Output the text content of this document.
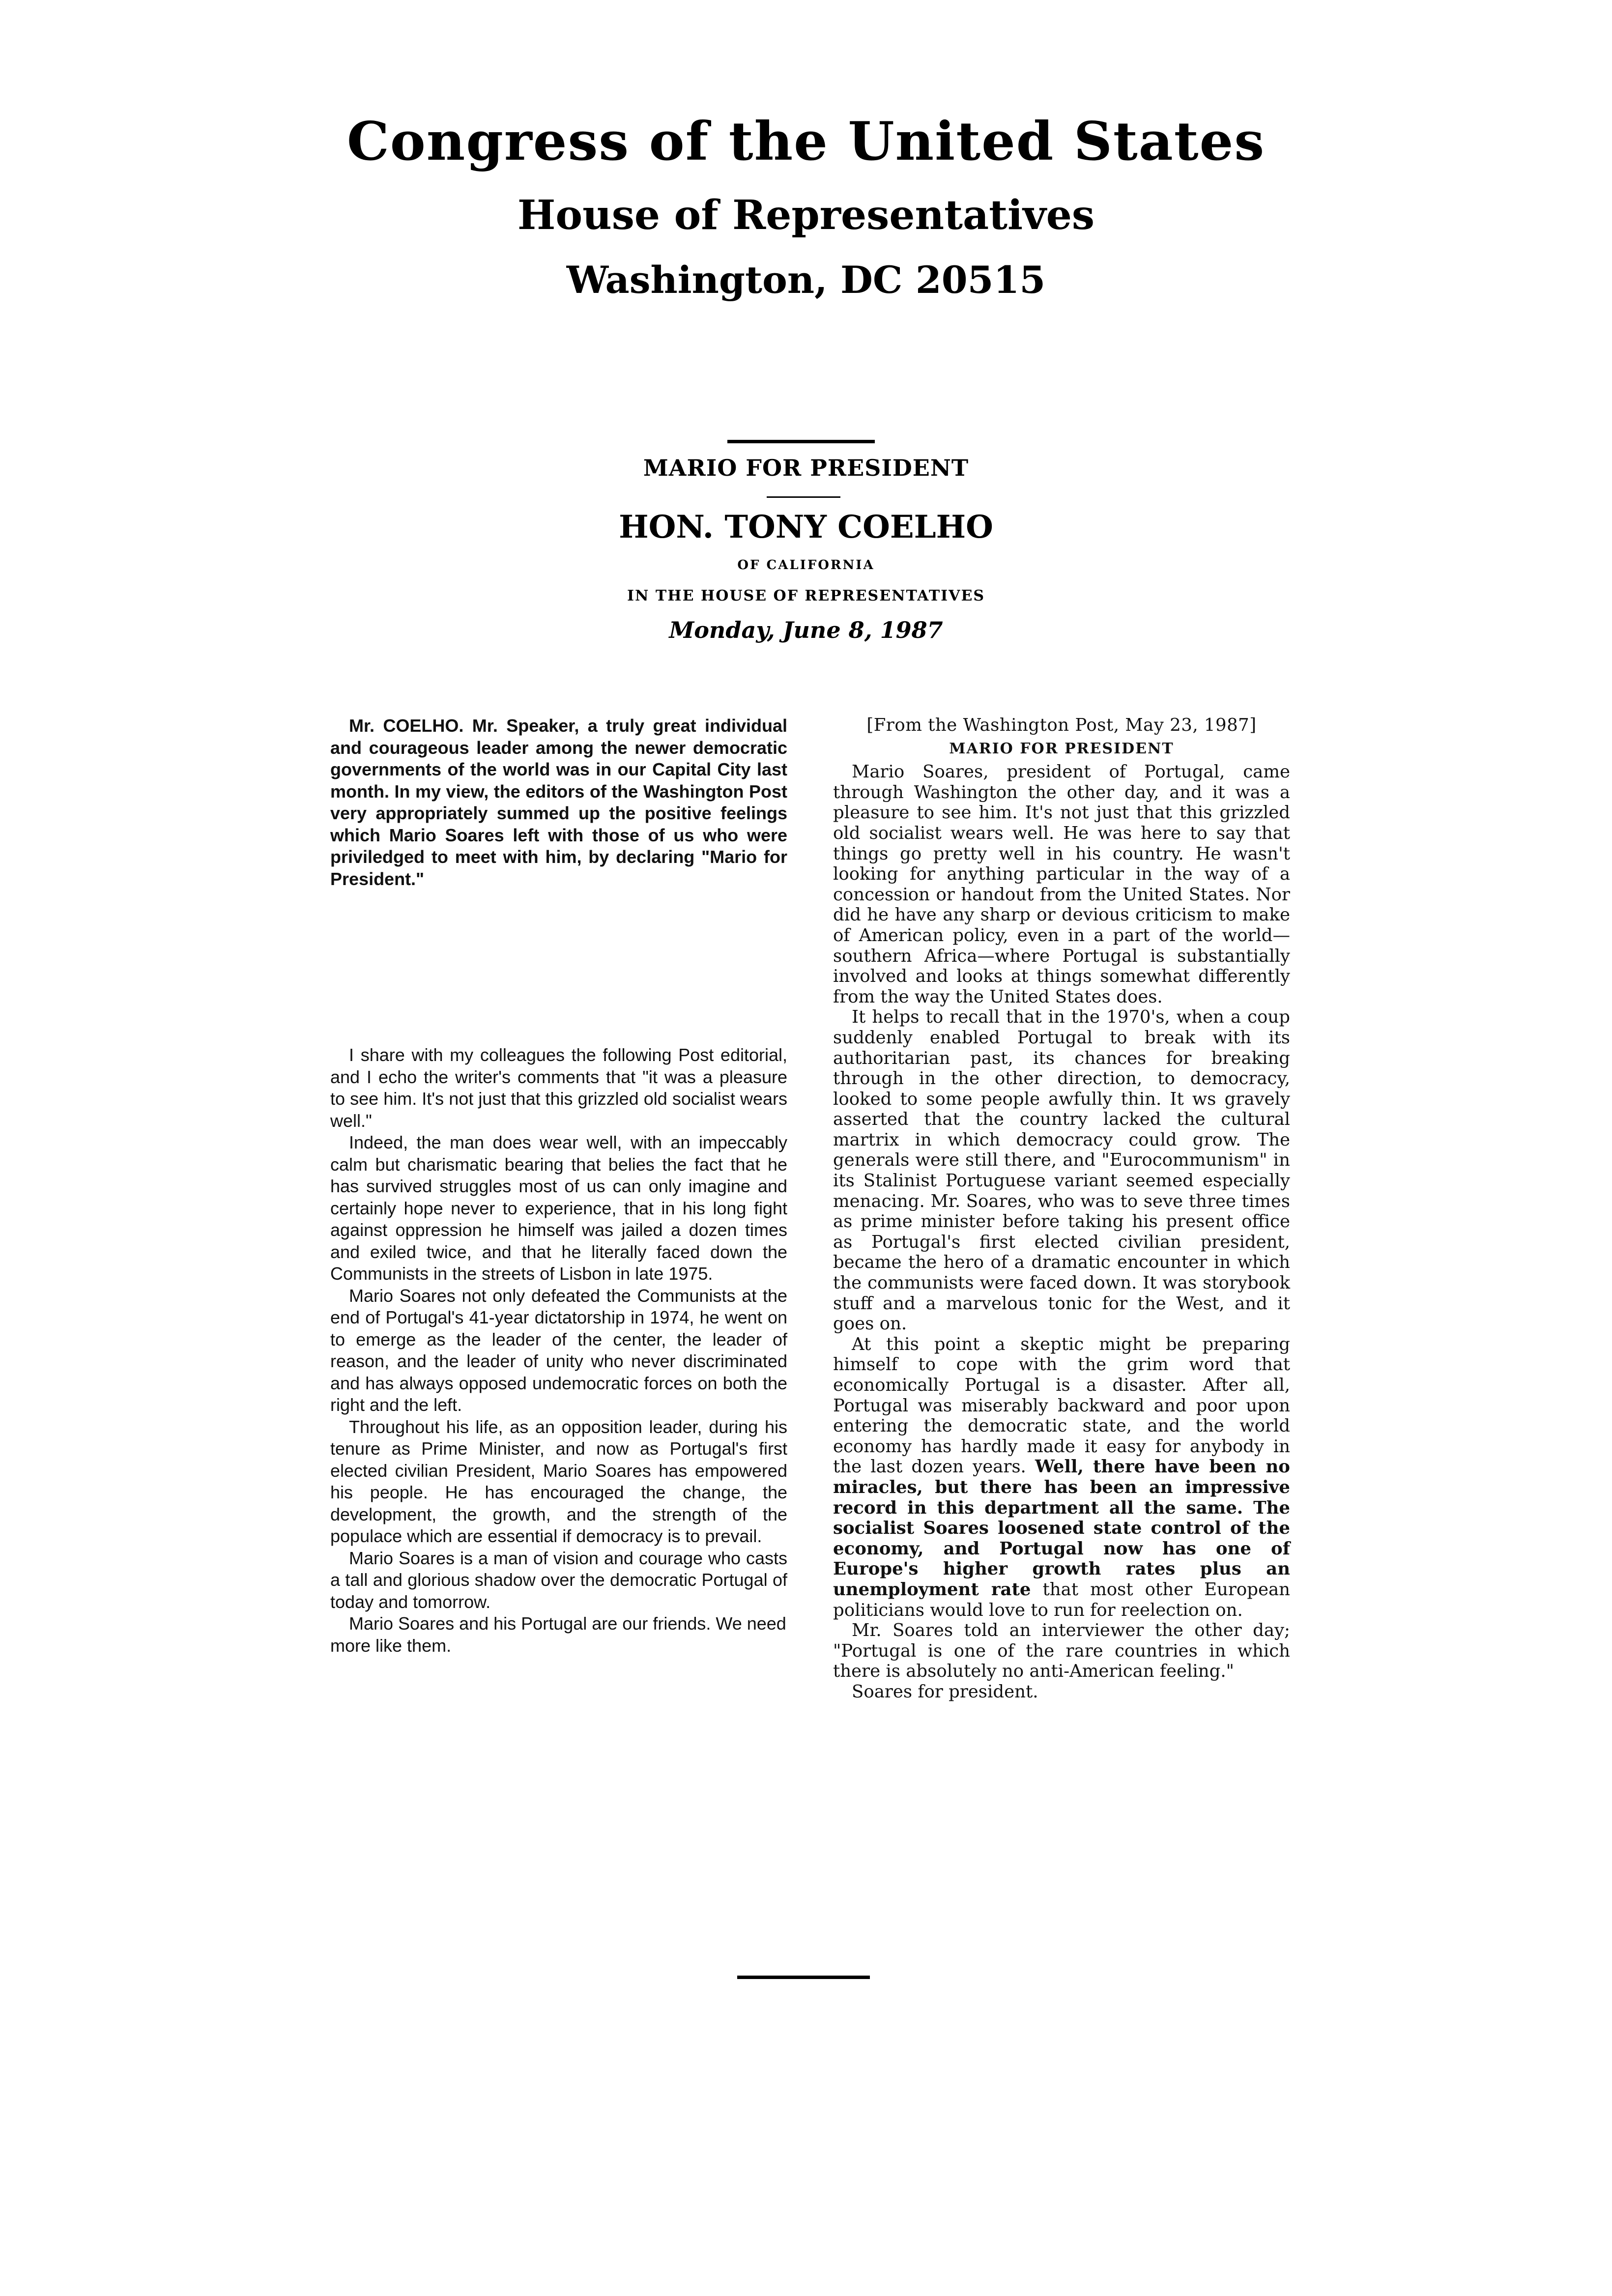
Congress of the United States
House of Representatives
Washington, DC 20515
MARIO FOR PRESIDENT
HON. TONY COELHO
OF CALIFORNIA
IN THE HOUSE OF REPRESENTATIVES
Monday, June 8, 1987

Mr. COELHO. Mr. Speaker, a truly great individual and courageous leader among the newer democratic governments of the world was in our Capital City last month. In my view, the editors of the Washington Post very appropriately summed up the positive feelings which Mario Soares left with those of us who were priviledged to meet with him, by declaring "Mario for President."

I share with my colleagues the following Post editorial, and I echo the writer's comments that "it was a pleasure to see him. It's not just that this grizzled old socialist wears well."

Indeed, the man does wear well, with an impeccably calm but charismatic bearing that belies the fact that he has survived struggles most of us can only imagine and certainly hope never to experience, that in his long fight against oppression he himself was jailed a dozen times and exiled twice, and that he literally faced down the Communists in the streets of Lisbon in late 1975.

Mario Soares not only defeated the Communists at the end of Portugal's 41-year dictatorship in 1974, he went on to emerge as the leader of the center, the leader of reason, and the leader of unity who never discriminated and has always opposed undemocratic forces on both the right and the left.

Throughout his life, as an opposition leader, during his tenure as Prime Minister, and now as Portugal's first elected civilian President, Mario Soares has empowered his people. He has encouraged the change, the development, the growth, and the strength of the populace which are essential if democracy is to prevail.

Mario Soares is a man of vision and courage who casts a tall and glorious shadow over the democratic Portugal of today and tomorrow.

Mario Soares and his Portugal are our friends. We need more like them.

[From the Washington Post, May 23, 1987]

MARIO FOR PRESIDENT

Mario Soares, president of Portugal, came through Washington the other day, and it was a pleasure to see him. It's not just that this grizzled old socialist wears well. He was here to say that things go pretty well in his country. He wasn't looking for anything particular in the way of a concession or handout from the United States. Nor did he have any sharp or devious criticism to make of American policy, even in a part of the world—southern Africa—where Portugal is substantially involved and looks at things somewhat differently from the way the United States does.

It helps to recall that in the 1970's, when a coup suddenly enabled Portugal to break with its authoritarian past, its chances for breaking through in the other direction, to democracy, looked to some people awfully thin. It ws gravely asserted that the country lacked the cultural martrix in which democracy could grow. The generals were still there, and "Eurocommunism" in its Stalinist Portuguese variant seemed especially menacing. Mr. Soares, who was to seve three times as prime minister before taking his present office as Portugal's first elected civilian president, became the hero of a dramatic encounter in which the communists were faced down. It was storybook stuff and a marvelous tonic for the West, and it goes on.

At this point a skeptic might be preparing himself to cope with the grim word that economically Portugal is a disaster. After all, Portugal was miserably backward and poor upon entering the democratic state, and the world economy has hardly made it easy for anybody in the last dozen years. Well, there have been no miracles, but there has been an impressive record in this department all the same. The socialist Soares loosened state control of the economy, and Portugal now has one of Europe's higher growth rates plus an unemployment rate that most other European politicians would love to run for reelection on.

Mr. Soares told an interviewer the other day; "Portugal is one of the rare countries in which there is absolutely no anti-American feeling."

Soares for president.
